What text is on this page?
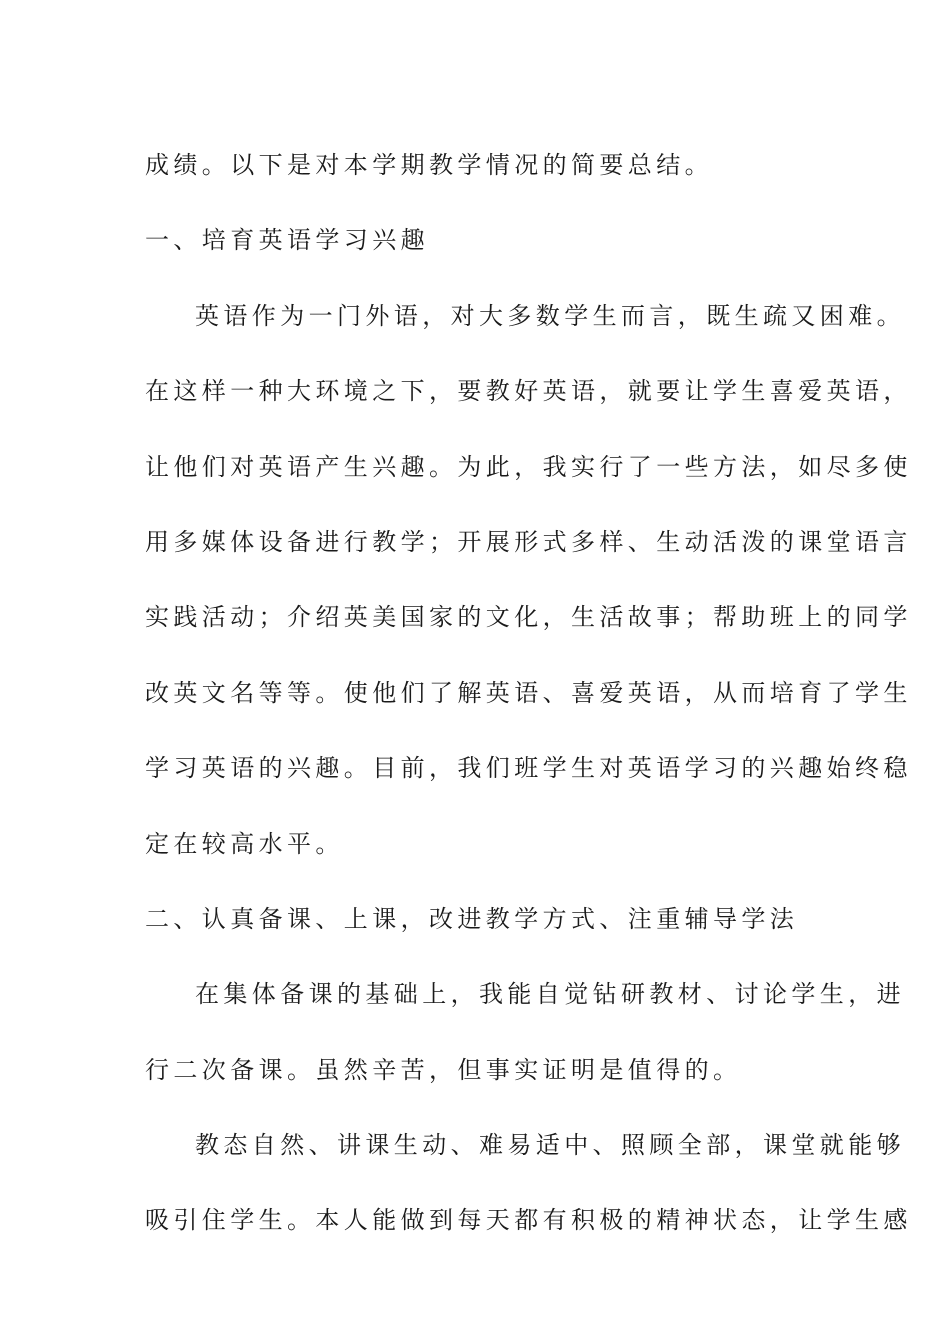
成绩。以下是对本学期教学情况的简要总结。
一、培育英语学习兴趣
英语作为一门外语，对大多数学生而言，既生疏又困难。
在这样一种大环境之下，要教好英语，就要让学生喜爱英语，
让他们对英语产生兴趣。为此，我实行了一些方法，如尽多使
用多媒体设备进行教学；开展形式多样、生动活泼的课堂语言
实践活动；介绍英美国家的文化，生活故事；帮助班上的同学
改英文名等等。使他们了解英语、喜爱英语，从而培育了学生
学习英语的兴趣。目前，我们班学生对英语学习的兴趣始终稳
定在较高水平。
二、认真备课、上课，改进教学方式、注重辅导学法
在集体备课的基础上，我能自觉钻研教材、讨论学生，进
行二次备课。虽然辛苦，但事实证明是值得的。
教态自然、讲课生动、难易适中、照顾全部，课堂就能够
吸引住学生。本人能做到每天都有积极的精神状态，让学生感
